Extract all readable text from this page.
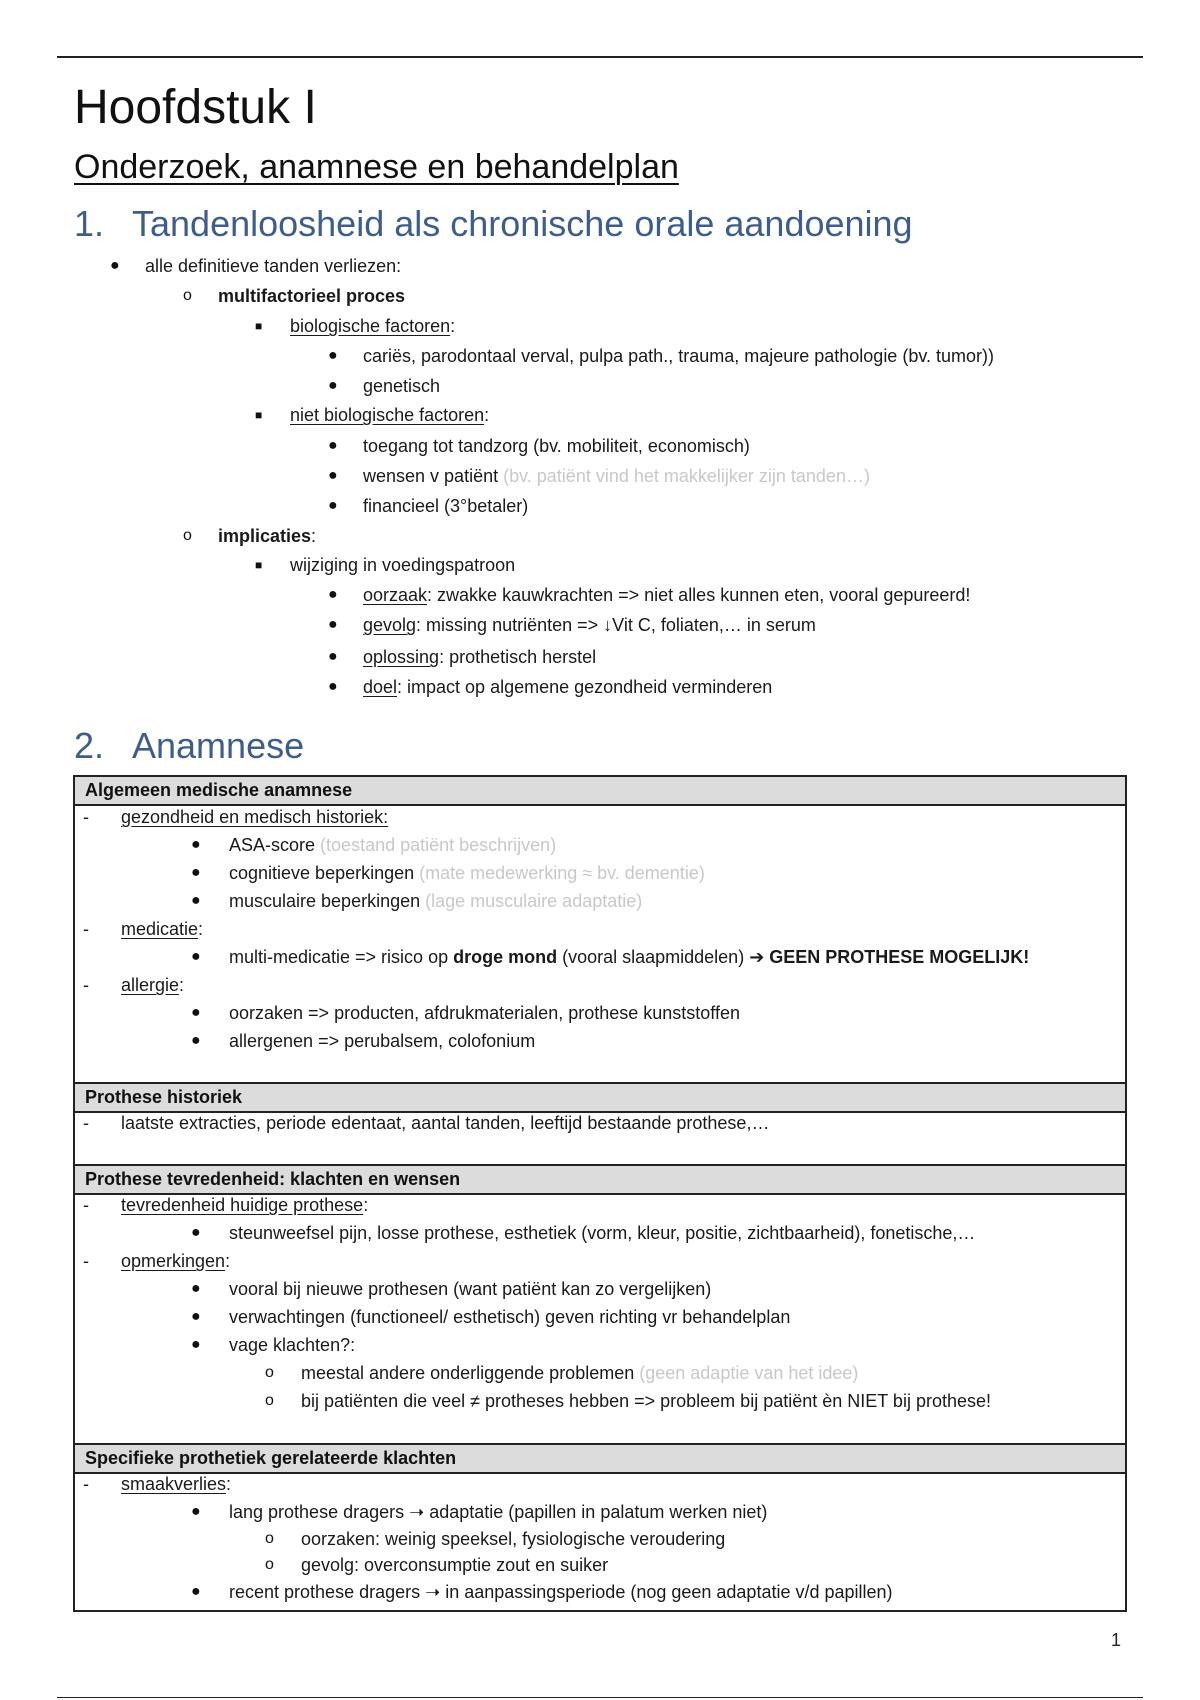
Hoofdstuk I
Onderzoek, anamnese en behandelplan
1. Tandenloosheid als chronische orale aandoening
● alle definitieve tanden verliezen:
o multifactorieel proces
■ biologische factoren:
● cariës, parodontaal verval, pulpa path., trauma, majeure pathologie (bv. tumor))
● genetisch
■ niet biologische factoren:
● toegang tot tandzorg (bv. mobiliteit, economisch)
● wensen v patiënt (bv. patiënt vind het makkelijker zijn tanden…)
● financieel (3°betaler)
o implicaties:
■ wijziging in voedingspatroon
● oorzaak: zwakke kauwkrachten => niet alles kunnen eten, vooral gepureerd!
● gevolg: missing nutriënten => ↓Vit C, foliaten,… in serum
● oplossing: prothetisch herstel
● doel: impact op algemene gezondheid verminderen
2. Anamnese
Algemeen medische anamnese
- gezondheid en medisch historiek:
● ASA-score (toestand patiënt beschrijven)
● cognitieve beperkingen (mate medewerking ≈ bv. dementie)
● musculaire beperkingen (lage musculaire adaptatie)
- medicatie:
● multi-medicatie => risico op droge mond (vooral slaapmiddelen) ➔ GEEN PROTHESE MOGELIJK!
- allergie:
● oorzaken => producten, afdrukmaterialen, prothese kunststoffen
● allergenen => perubalsem, colofonium
Prothese historiek
- laatste extracties, periode edentaat, aantal tanden, leeftijd bestaande prothese,…
Prothese tevredenheid: klachten en wensen
- tevredenheid huidige prothese:
● steunweefsel pijn, losse prothese, esthetiek (vorm, kleur, positie, zichtbaarheid), fonetische,…
- opmerkingen:
● vooral bij nieuwe prothesen (want patiënt kan zo vergelijken)
● verwachtingen (functioneel/ esthetisch) geven richting vr behandelplan
● vage klachten?:
o meestal andere onderliggende problemen (geen adaptie van het idee)
o bij patiënten die veel ≠ protheses hebben => probleem bij patiënt èn NIET bij prothese!
Specifieke prothetiek gerelateerde klachten
- smaakverlies:
● lang prothese dragers ➝ adaptatie (papillen in palatum werken niet)
o oorzaken: weinig speeksel, fysiologische veroudering
o gevolg: overconsumptie zout en suiker
● recent prothese dragers ➝ in aanpassingsperiode (nog geen adaptatie v/d papillen)
1
